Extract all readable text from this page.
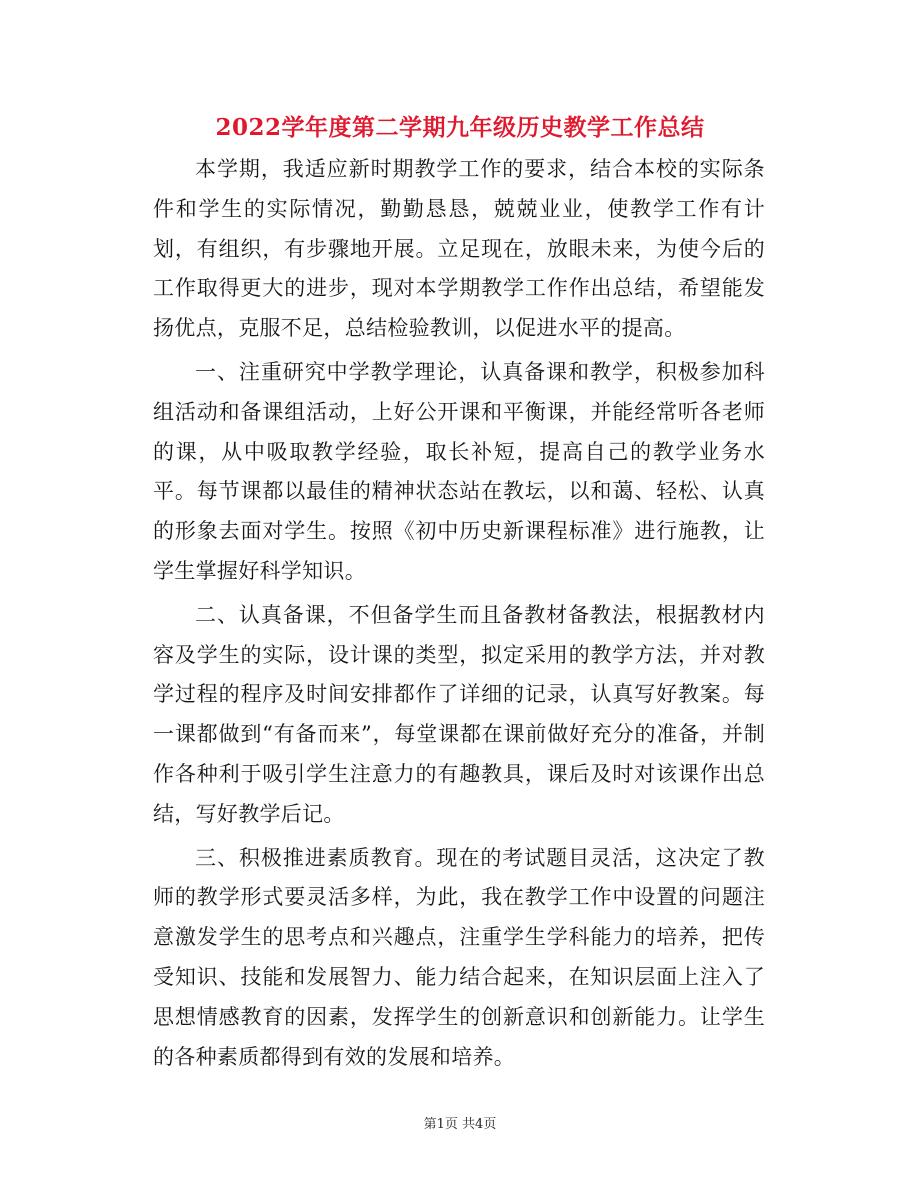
2022学年度第二学期九年级历史教学工作总结

本学期，我适应新时期教学工作的要求，结合本校的实际条件和学生的实际情况，勤勤恳恳，兢兢业业，使教学工作有计划，有组织，有步骤地开展。立足现在，放眼未来，为使今后的工作取得更大的进步，现对本学期教学工作作出总结，希望能发扬优点，克服不足，总结检验教训，以促进水平的提高。

一、注重研究中学教学理论，认真备课和教学，积极参加科组活动和备课组活动，上好公开课和平衡课，并能经常听各老师的课，从中吸取教学经验，取长补短，提高自己的教学业务水平。每节课都以最佳的精神状态站在教坛，以和蔼、轻松、认真的形象去面对学生。按照《初中历史新课程标准》进行施教，让学生掌握好科学知识。

二、认真备课，不但备学生而且备教材备教法，根据教材内容及学生的实际，设计课的类型，拟定采用的教学方法，并对教学过程的程序及时间安排都作了详细的记录，认真写好教案。每一课都做到“有备而来”，每堂课都在课前做好充分的准备，并制作各种利于吸引学生注意力的有趣教具，课后及时对该课作出总结，写好教学后记。

三、积极推进素质教育。现在的考试题目灵活，这决定了教师的教学形式要灵活多样，为此，我在教学工作中设置的问题注意激发学生的思考点和兴趣点，注重学生学科能力的培养，把传受知识、技能和发展智力、能力结合起来，在知识层面上注入了思想情感教育的因素，发挥学生的创新意识和创新能力。让学生的各种素质都得到有效的发展和培养。

第1页 共4页
